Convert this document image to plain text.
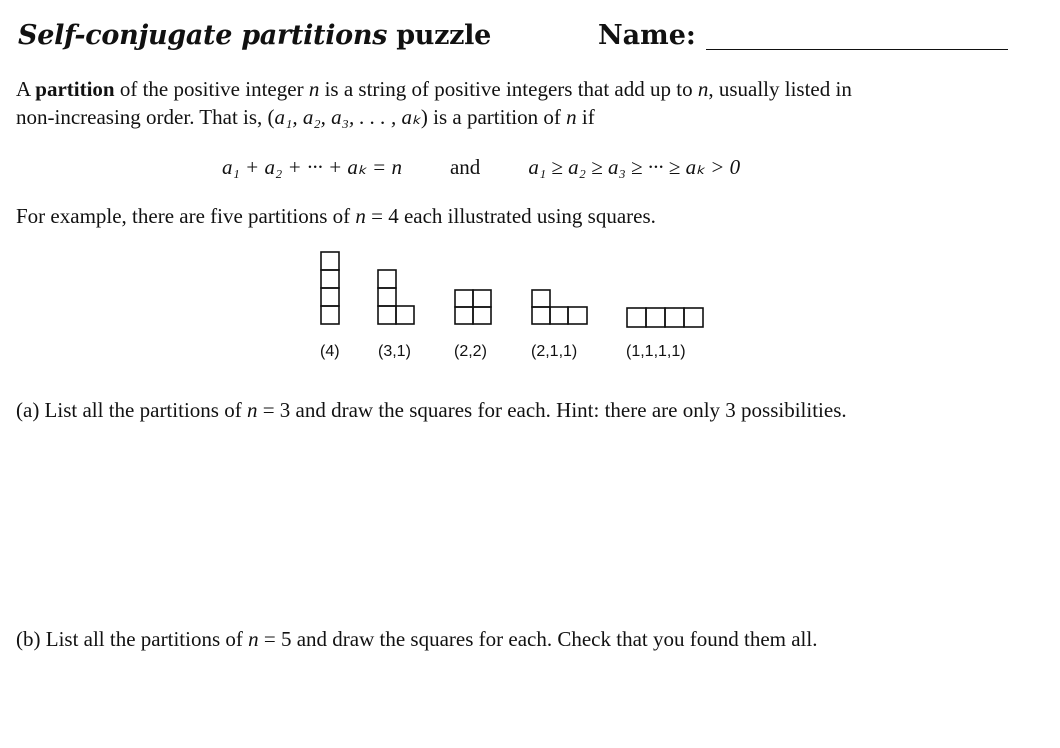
Self-conjugate partitions puzzle	Name:
A partition of the positive integer n is a string of positive integers that add up to n, usually listed in
non-increasing order. That is, (a₁, a₂, a₃, . . . , aₖ) is a partition of n if
a₁ + a₂ + ··· + aₖ = n and a₁ ≥ a₂ ≥ a₃ ≥ ··· ≥ aₖ > 0
For example, there are five partitions of n = 4 each illustrated using squares.
(4) (3,1)	(2,2)	(2,1,1)	(1,1,1,1)
(a) List all the partitions of n = 3 and draw the squares for each. Hint: there are only 3 possibilities.
(b) List all the partitions of n = 5 and draw the squares for each. Check that you found them all.
